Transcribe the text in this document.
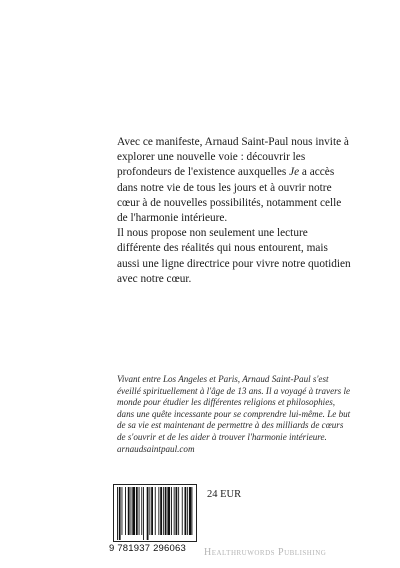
Avec ce manifeste, Arnaud Saint-Paul nous invite à explorer une nouvelle voie : découvrir les profondeurs de l'existence auxquelles Je a accès dans notre vie de tous les jours et à ouvrir notre cœur à de nouvelles possibilités, notamment celle de l'harmonie intérieure.

Il nous propose non seulement une lecture différente des réalités qui nous entourent, mais aussi une ligne directrice pour vivre notre quotidien avec notre cœur.

Vivant entre Los Angeles et Paris, Arnaud Saint-Paul s'est éveillé spirituellement à l'âge de 13 ans. Il a voyagé à travers le monde pour étudier les différentes religions et philosophies, dans une quête incessante pour se comprendre lui-même. Le but de sa vie est maintenant de permettre à des milliards de cœurs de s'ouvrir et de les aider à trouver l'harmonie intérieure.
arnaudsaintpaul.com
9 781937 296063
24 EUR
Healthruwords Publishing
